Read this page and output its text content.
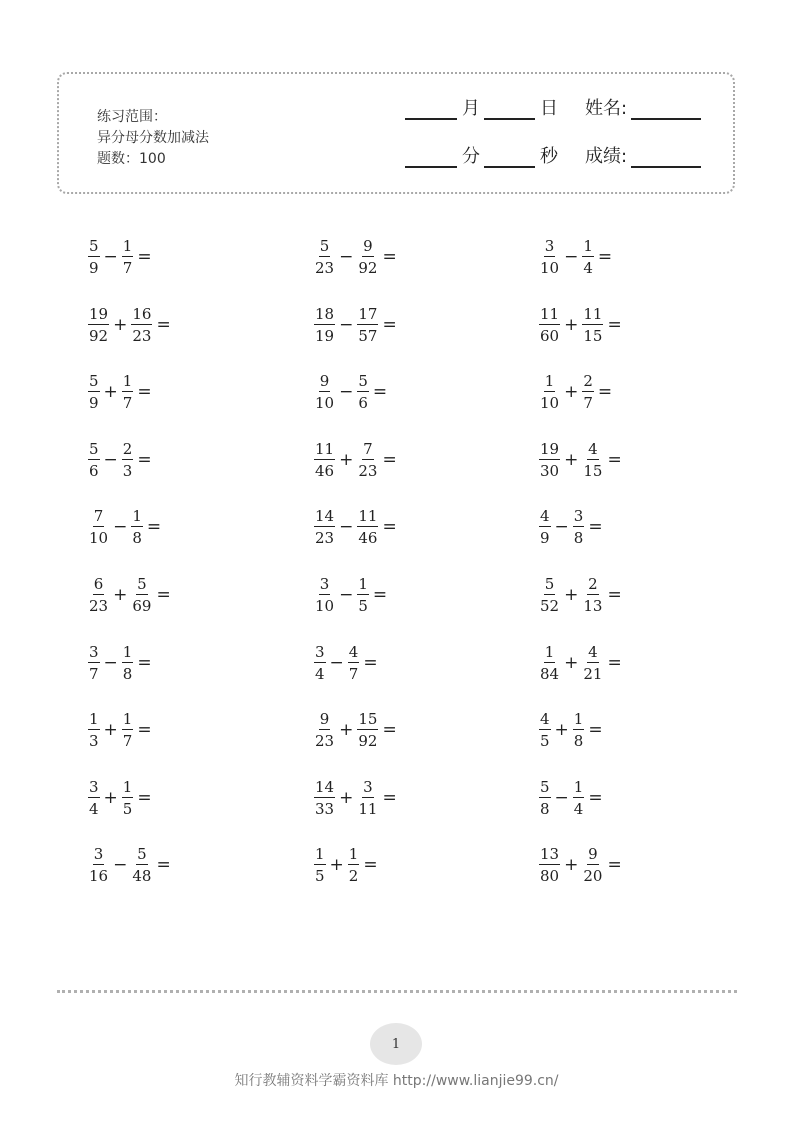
练习范围：
异分母分数加减法
题数：100
月	日 姓名:
分	秒 成绩:
$\frac{5}{9} - \frac{1}{7}$ =	$\frac{5}{23} - \frac{9}{92}$ =	$\frac{3}{10} - \frac{1}{4}$ =
$\frac{19}{92} + \frac{16}{23}$ =	$\frac{18}{19} - \frac{17}{57}$ =	$\frac{11}{60} + \frac{11}{15}$ =
$\frac{5}{9} + \frac{1}{7}$ =	$\frac{9}{10} - \frac{5}{6}$ =	$\frac{1}{10} + \frac{2}{7}$ =
$\frac{5}{6} - \frac{2}{3}$ =	$\frac{11}{46} + \frac{7}{23}$ =	$\frac{19}{30} + \frac{4}{15}$ =
$\frac{7}{10} - \frac{1}{8}$ =	$\frac{14}{23} - \frac{11}{46}$ =	$\frac{4}{9} - \frac{3}{8}$ =
$\frac{6}{23} + \frac{5}{69}$ =	$\frac{3}{10} - \frac{1}{5}$ =	$\frac{5}{52} + \frac{2}{13}$ =
$\frac{3}{7} - \frac{1}{8}$ =	$\frac{3}{4} - \frac{4}{7}$ =	$\frac{1}{84} + \frac{4}{21}$ =
$\frac{1}{3} + \frac{1}{7}$ =	$\frac{9}{23} + \frac{15}{92}$ =	$\frac{4}{5} + \frac{1}{8}$ =
$\frac{3}{4} + \frac{1}{5}$ =	$\frac{14}{33} + \frac{3}{11}$ =	$\frac{5}{8} - \frac{1}{4}$ =
$\frac{3}{16} - \frac{5}{48}$ =	$\frac{1}{5} + \frac{1}{2}$ =	$\frac{13}{80} + \frac{9}{20}$ =
1
知行教辅资料学霸资料库 http://www.lianjie99.cn/
